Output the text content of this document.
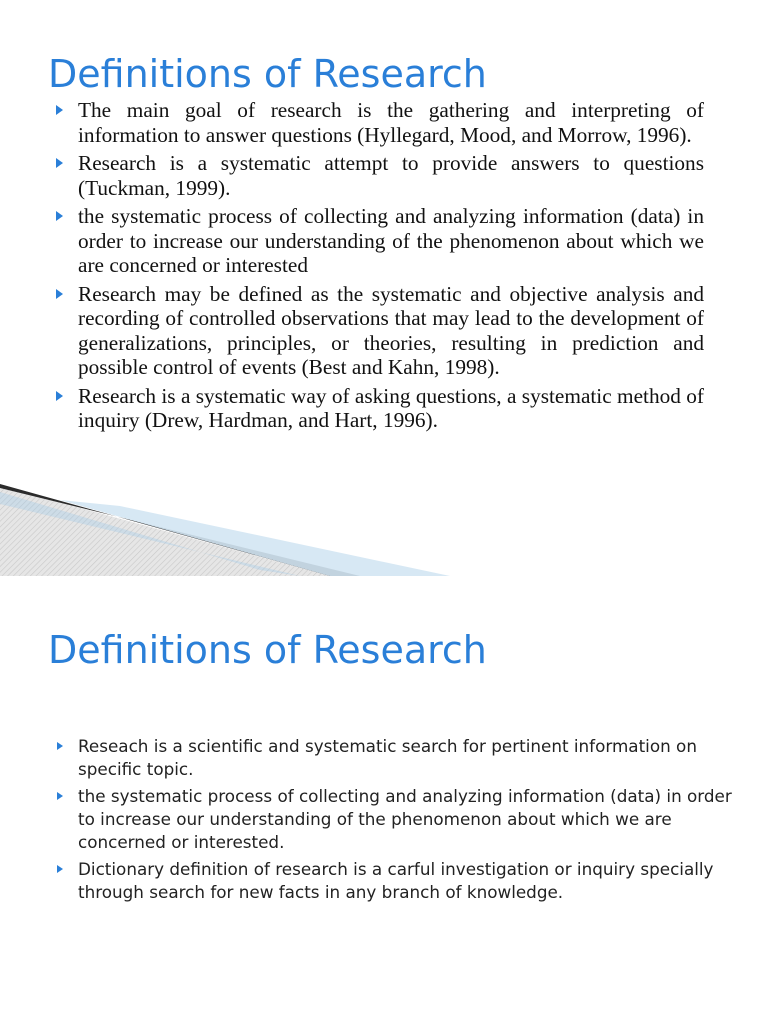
Definitions of Research
The main goal of research is the gathering and interpreting of information to answer questions (Hyllegard, Mood, and Morrow, 1996).
Research is a systematic attempt to provide answers to questions (Tuckman, 1999).
the systematic process of collecting and analyzing information (data) in order to increase our understanding of the phenomenon about which we are concerned or interested
Research may be defined as the systematic and objective analysis and recording of controlled observations that may lead to the development of generalizations, principles, or theories, resulting in prediction and possible control of events (Best and Kahn, 1998).
Research is a systematic way of asking questions, a systematic method of inquiry (Drew, Hardman, and Hart, 1996).
Definitions of Research
Reseach is a scientific and systematic search for pertinent information on specific topic.
the systematic process of collecting and analyzing information (data) in order to increase our understanding of the phenomenon about which we are concerned or interested.
Dictionary definition of research is a carful investigation or inquiry specially through search for new facts in any branch of knowledge.
